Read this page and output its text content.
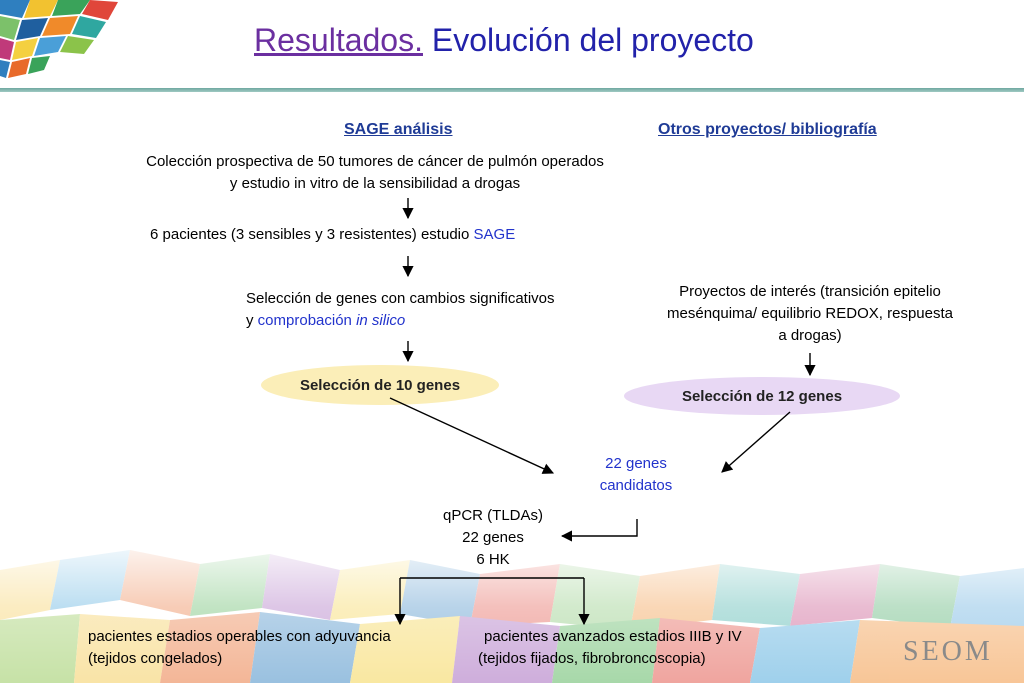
Resultados. Evolución del proyecto
SAGE análisis	Otros proyectos/ bibliografía
Colección prospectiva de 50 tumores de cáncer de pulmón operados
y estudio in vitro de la sensibilidad a drogas
6 pacientes (3 sensibles y 3 resistentes) estudio SAGE
Selección de genes con cambios significativos
y comprobación in silico
Selección de 10 genes
Proyectos de interés (transición epitelio
mesénquima/ equilibrio REDOX, respuesta
a drogas)
Selección de 12 genes
22 genes
candidatos
qPCR (TLDAs)
22 genes
6 HK
pacientes estadios operables con adyuvancia
(tejidos congelados)
pacientes avanzados estadios IIIB y IV
(tejidos fijados, fibrobroncoscopia)	SEOM
